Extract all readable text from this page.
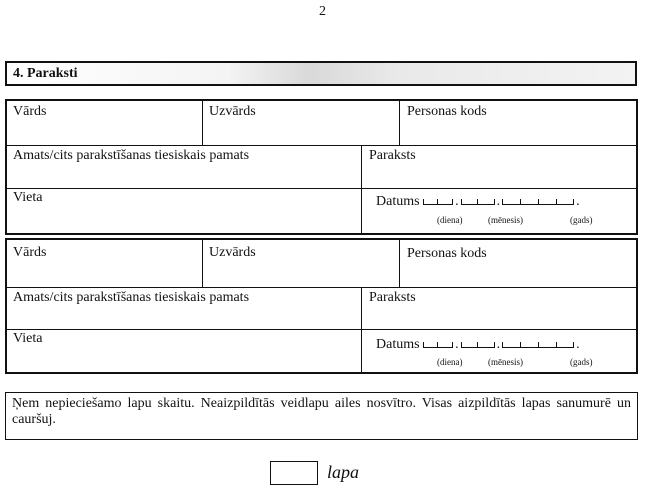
2
4. Paraksti
Vārds	Uzvārds	Personas kods
Amats/cits parakstīšanas tiesiskais pamats	Paraksts
Vieta	Datums	.	.	.
(diena)	(mēnesis)	(gads)
Vārds	Uzvārds	Personas kods
Amats/cits parakstīšanas tiesiskais pamats	Paraksts
Vieta	Datums	.	.	.
(diena)	(mēnesis)	(gads)
Ņem nepieciešamo lapu skaitu. Neaizpildītās veidlapu ailes nosvītro. Visas aizpildītās lapas sanumurē un cauršuj.
lapa
